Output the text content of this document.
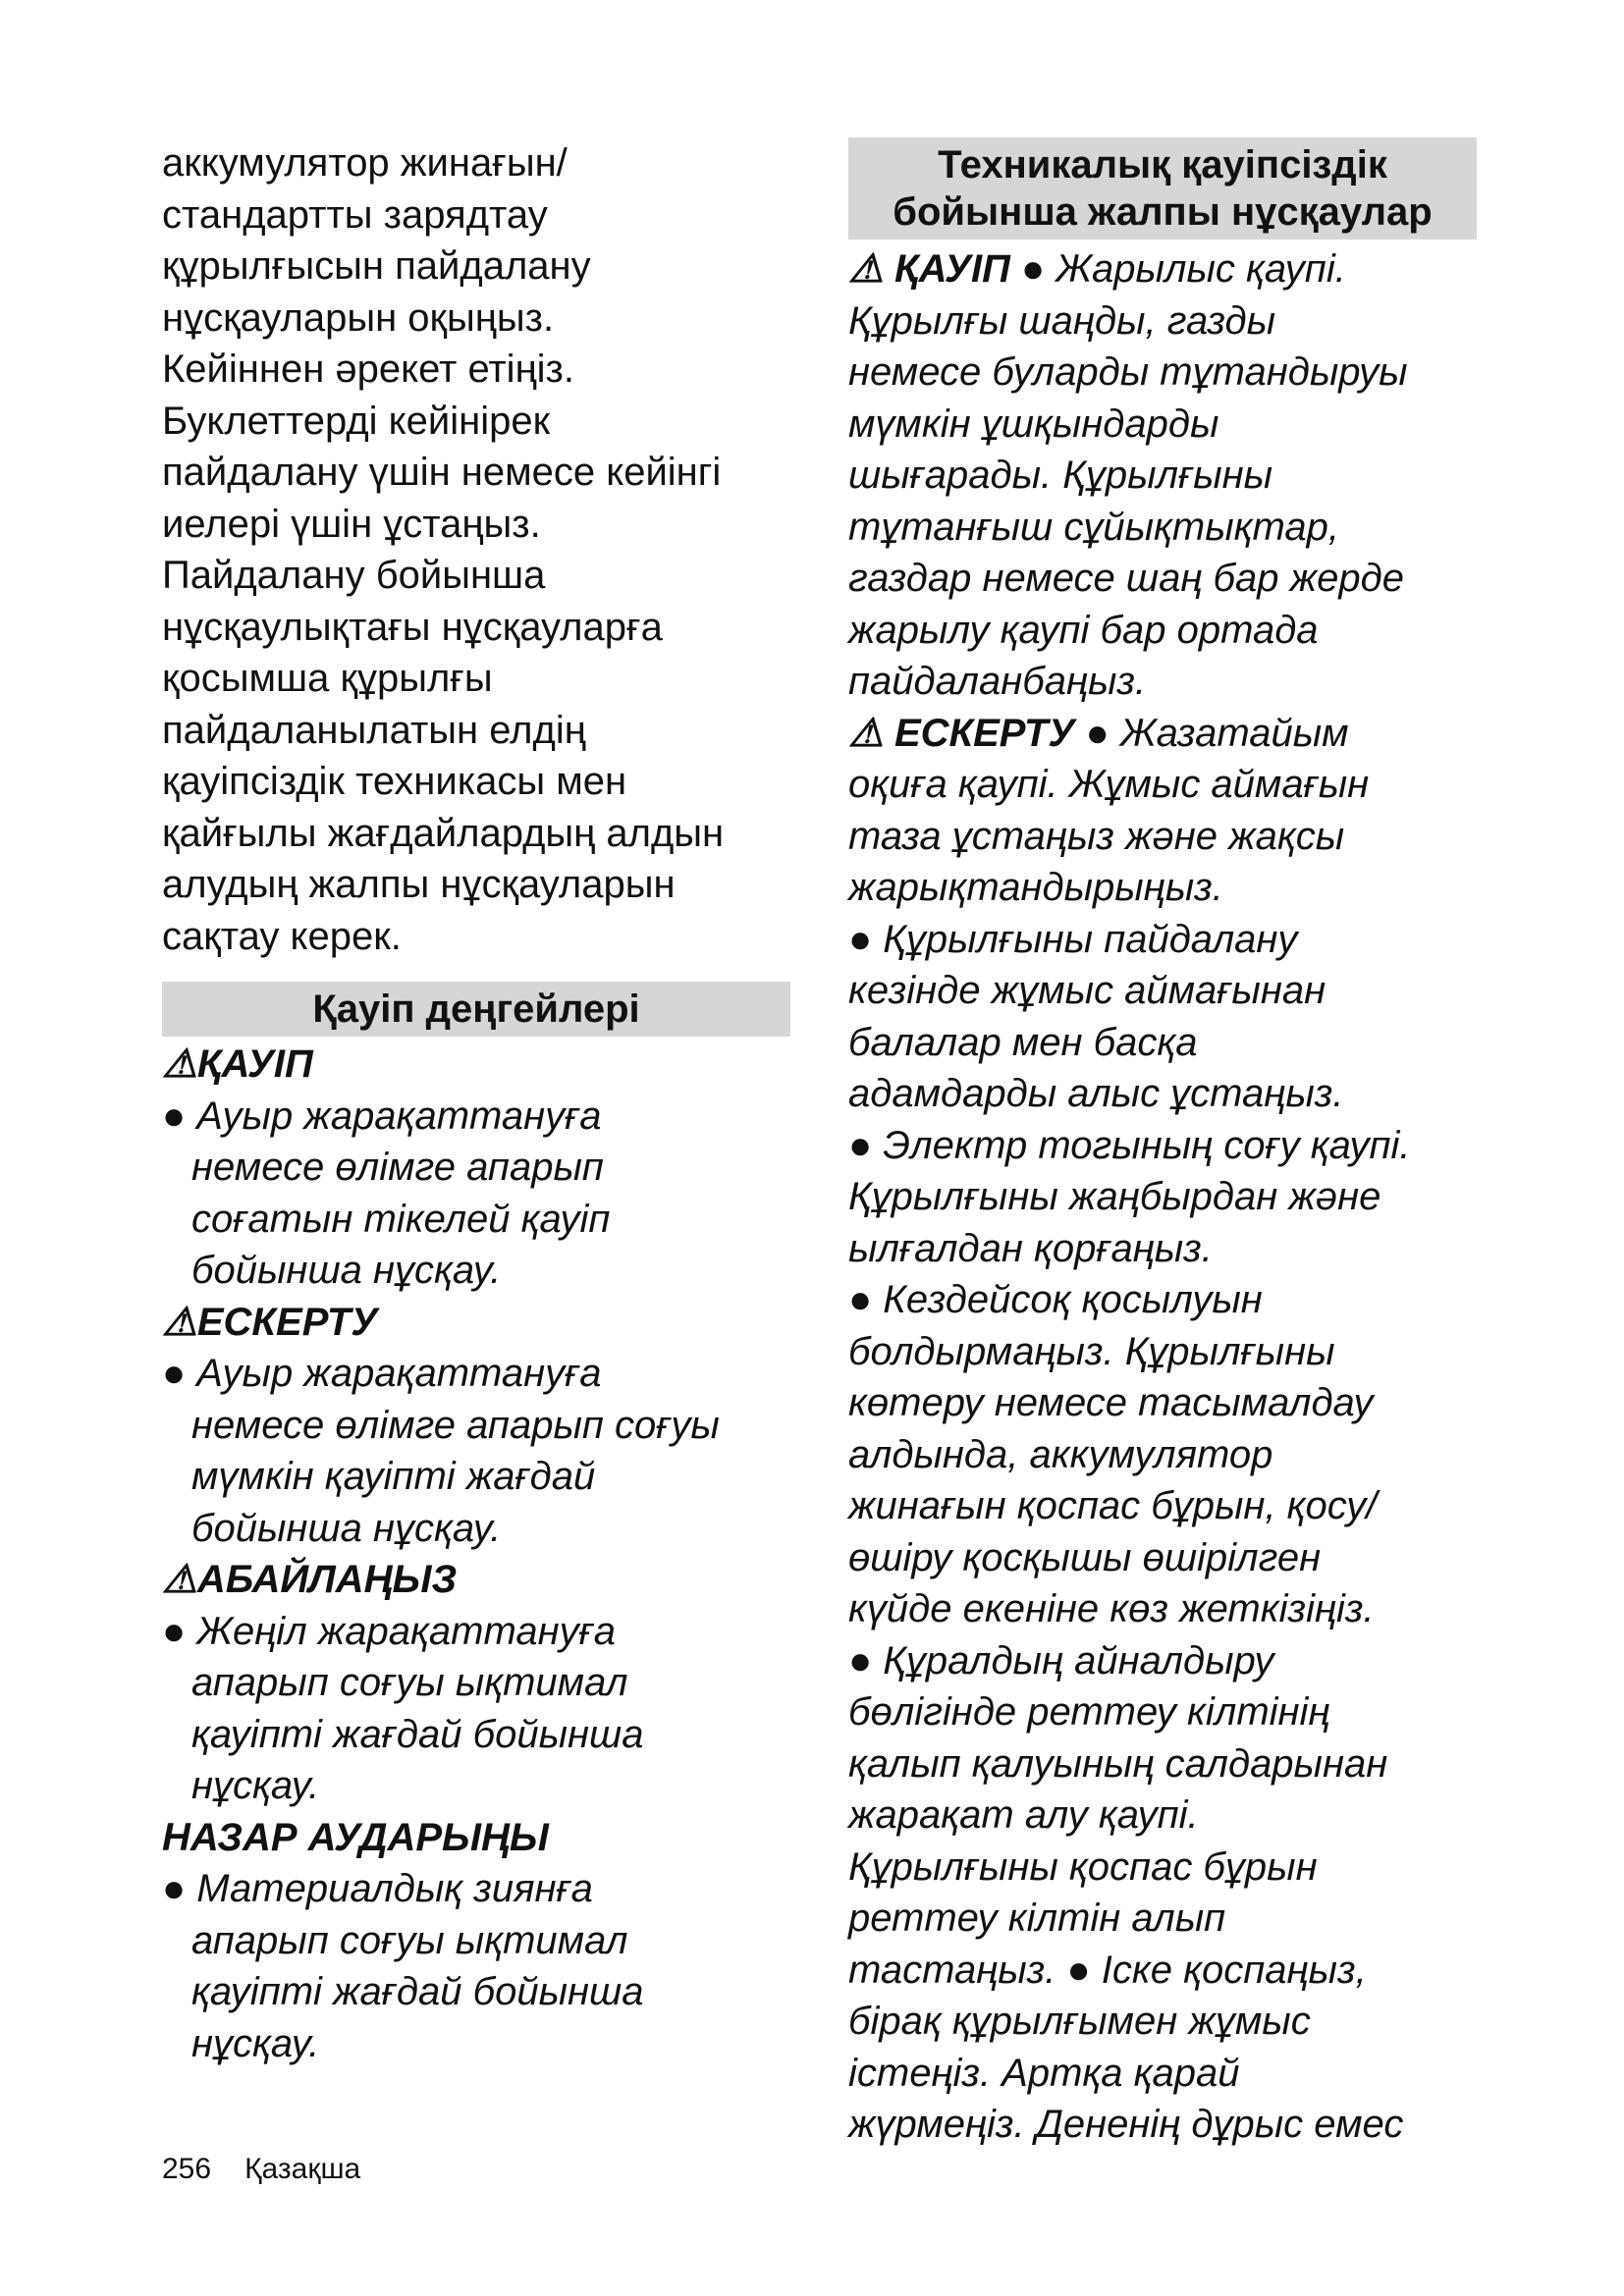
аккумулятор жинағын/
стандартты зарядтау
құрылғысын пайдалану
нұсқауларын оқыңыз.
Кейіннен әрекет етіңіз.
Буклеттерді кейінірек
пайдалану үшін немесе кейінгі
иелері үшін ұстаңыз.
Пайдалану бойынша
нұсқаулықтағы нұсқауларға
қосымша құрылғы
пайдаланылатын елдің
қауіпсіздік техникасы мен
қайғылы жағдайлардың алдын
алудың жалпы нұсқауларын
сақтау керек.
Қауіп деңгейлері
⚠ҚАУІП
● Ауыр жарақаттануға
немесе өлімге апарып
соғатын тікелей қауіп
бойынша нұсқау.
⚠ЕСКЕРТУ
● Ауыр жарақаттануға
немесе өлімге апарып соғуы
мүмкін қауіпті жағдай
бойынша нұсқау.
⚠АБАЙЛАҢЫЗ
● Жеңіл жарақаттануға
апарып соғуы ықтимал
қауіпті жағдай бойынша
нұсқау.
НАЗАР АУДАРЫҢЫ
● Материалдық зиянға
апарып соғуы ықтимал
қауіпті жағдай бойынша
нұсқау.
Техникалық қауіпсіздік
бойынша жалпы нұсқаулар
⚠ ҚАУІП ● Жарылыс қаупі.
Құрылғы шаңды, газды
немесе буларды тұтандыруы
мүмкін ұшқындарды
шығарады. Құрылғыны
тұтанғыш сұйықтықтар,
газдар немесе шаң бар жерде
жарылу қаупі бар ортада
пайдаланбаңыз.
⚠ ЕСКЕРТУ ● Жазатайым
оқиға қаупі. Жұмыс аймағын
таза ұстаңыз және жақсы
жарықтандырыңыз.
● Құрылғыны пайдалану
кезінде жұмыс аймағынан
балалар мен басқа
адамдарды алыс ұстаңыз.
● Электр тогының соғу қаупі.
Құрылғыны жаңбырдан және
ылғалдан қорғаңыз.
● Кездейсоқ қосылуын
болдырмаңыз. Құрылғыны
көтеру немесе тасымалдау
алдында, аккумулятор
жинағын қоспас бұрын, қосу/
өшіру қосқышы өшірілген
күйде екеніне көз жеткізіңіз.
● Құралдың айналдыру
бөлігінде реттеу кілтінің
қалып қалуының салдарынан
жарақат алу қаупі.
Құрылғыны қоспас бұрын
реттеу кілтін алып
тастаңыз. ● Іске қоспаңыз,
бірақ құрылғымен жұмыс
істеңіз. Артқа қарай
жүрмеңіз. Дененің дұрыс емес
256 Қазақша
